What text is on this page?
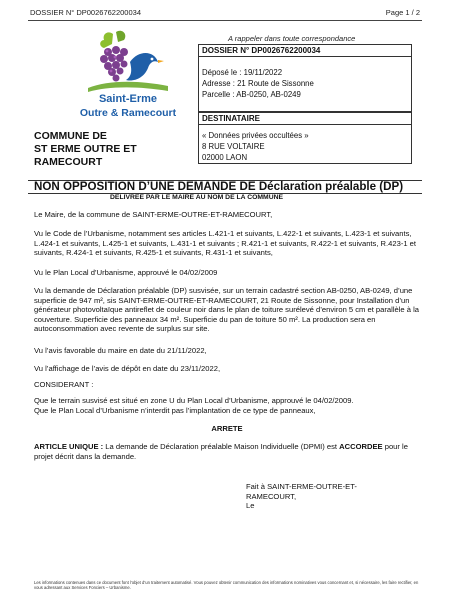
DOSSIER N° DP0026762200034	Page 1 / 2
Saint-Erme
Outre & Ramecourt
A rappeler dans toute correspondance
DOSSIER N° DP0026762200034
Déposé le : 19/11/2022
Adresse : 21 Route de Sissonne
Parcelle : AB-0250, AB-0249
DESTINATAIRE
« Données privées occultées »
8 RUE VOLTAIRE
02000 LAON
COMMUNE DE
ST ERME OUTRE ET
RAMECOURT
NON OPPOSITION D’UNE DEMANDE DE Déclaration préalable (DP)
DELIVREE PAR LE MAIRE AU NOM DE LA COMMUNE
Le Maire, de la commune de SAINT-ERME-OUTRE-ET-RAMECOURT,
Vu le Code de l’Urbanisme, notamment ses articles L.421-1 et suivants, L.422-1 et suivants, L.423-1 et suivants, L.424-1 et suivants, L.425-1 et suivants, L.431-1 et suivants ; R.421-1 et suivants, R.422-1 et suivants, R.423-1 et suivants, R.424-1 et suivants, R.425-1 et suivants, R.431-1 et suivants,
Vu le Plan Local d’Urbanisme, approuvé le 04/02/2009
Vu la demande de Déclaration préalable (DP) susvisée, sur un terrain cadastré section AB-0250, AB-0249, d’une superficie de 947 m², sis SAINT-ERME-OUTRE-ET-RAMECOURT, 21 Route de Sissonne, pour Installation d’un générateur photovoltaïque antireflet de couleur noir dans le plan de toiture surélevé d’environ 5 cm et parallèle à la couverture. Superficie des panneaux 34 m². Superficie du pan de toiture 50 m². La production sera en autoconsommation avec revente de surplus sur site.
Vu l’avis favorable du maire en date du 21/11/2022,
Vu l’affichage de l’avis de dépôt en date du 23/11/2022,
CONSIDERANT :
Que le terrain susvisé est situé en zone U du Plan Local d’Urbanisme, approuvé le 04/02/2009.
Que le Plan Local d’Urbanisme n’interdit pas l’implantation de ce type de panneaux,
ARRETE
ARTICLE UNIQUE : La demande de Déclaration préalable Maison Individuelle (DPMI) est ACCORDEE pour le projet décrit dans la demande.
Fait à SAINT-ERME-OUTRE-ET-
RAMECOURT,
Le
Les informations contenues dans ce document font l’objet d’un traitement automatisé. Vous pouvez obtenir communication des informations nominatives vous concernant et, si nécessaire, les faire rectifier, en vous adressant aux Services Fonciers – Urbanisme.
